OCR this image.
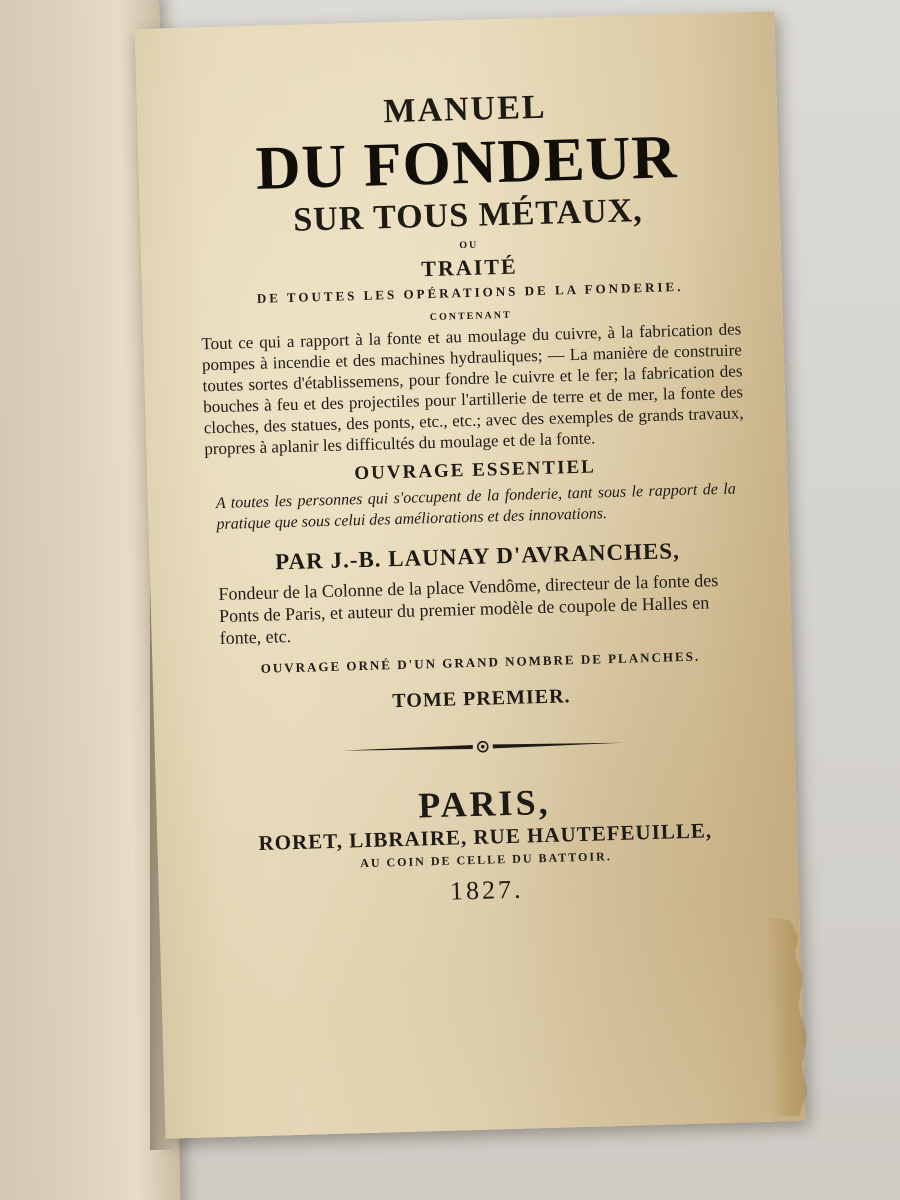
MANUEL
DU FONDEUR
SUR TOUS MÉTAUX,
OU
TRAITÉ
DE TOUTES LES OPÉRATIONS DE LA FONDERIE.
CONTENANT
Tout ce qui a rapport à la fonte et au moulage du cuivre, à la fabrication des pompes à incendie et des machines hydrauliques; — La manière de construire toutes sortes d'établissemens, pour fondre le cuivre et le fer; la fabrication des bouches à feu et des projectiles pour l'artillerie de terre et de mer, la fonte des cloches, des statues, des ponts, etc., etc.; avec des exemples de grands travaux, propres à aplanir les difficultés du moulage et de la fonte.
OUVRAGE ESSENTIEL
A toutes les personnes qui s'occupent de la fonderie, tant sous le rapport de la pratique que sous celui des améliorations et des innovations.
PAR J.-B. LAUNAY D'AVRANCHES,
Fondeur de la Colonne de la place Vendôme, directeur de la fonte des Ponts de Paris, et auteur du premier modèle de coupole de Halles en fonte, etc.
OUVRAGE ORNÉ D'UN GRAND NOMBRE DE PLANCHES.
TOME PREMIER.
PARIS,
RORET, LIBRAIRE, RUE HAUTEFEUILLE,
AU COIN DE CELLE DU BATTOIR.
1827.
